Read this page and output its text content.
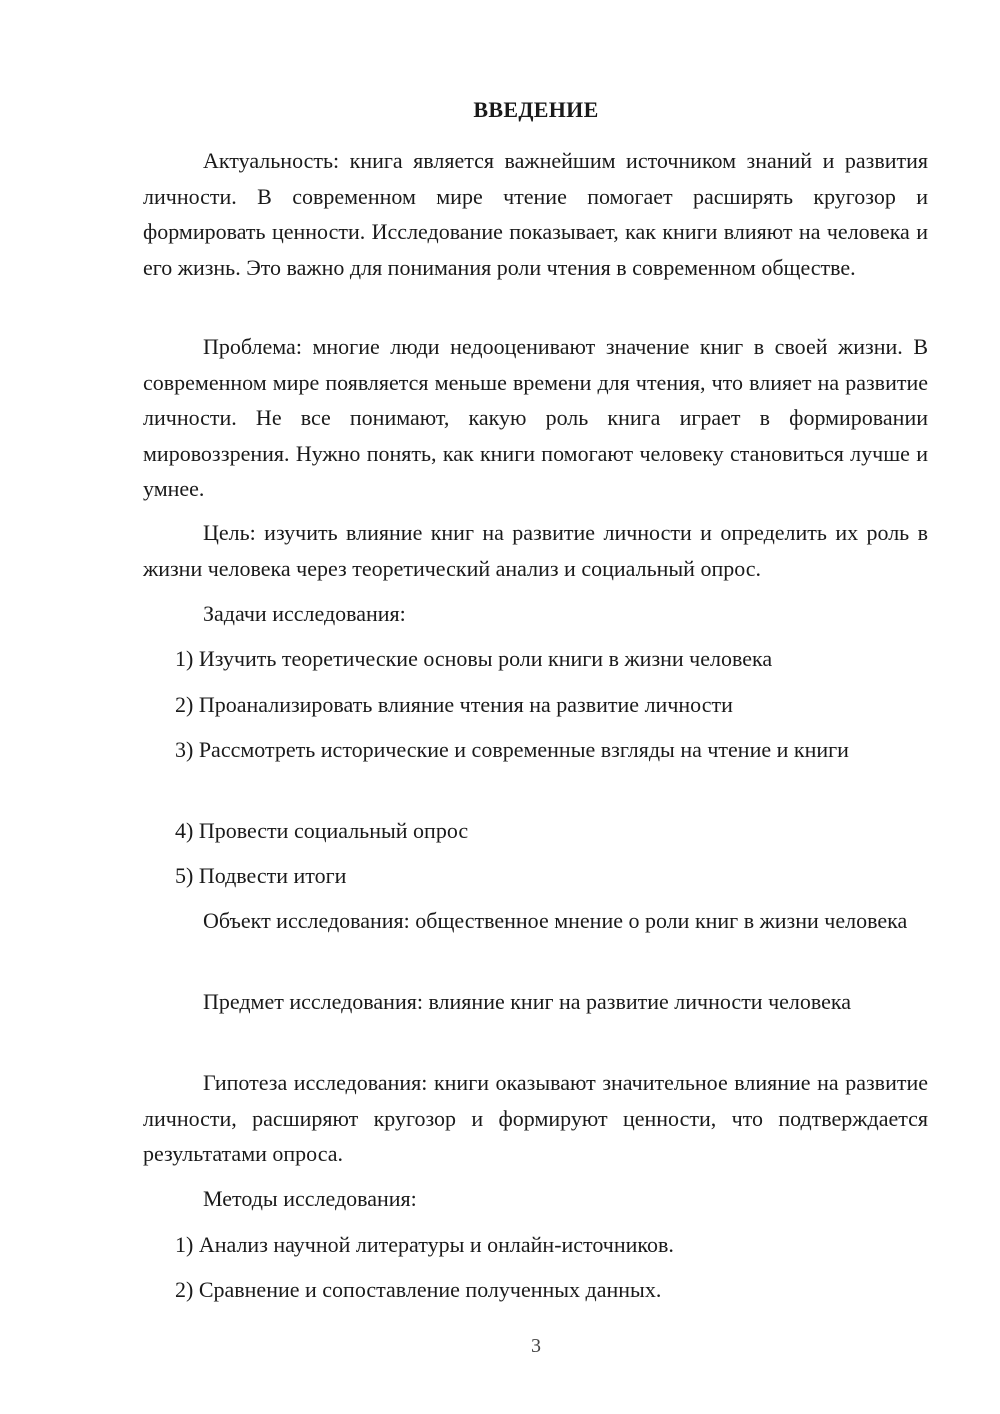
ВВЕДЕНИЕ

Актуальность: книга является важнейшим источником знаний и развития личности. В современном мире чтение помогает расширять кругозор и формировать ценности. Исследование показывает, как книги влияют на человека и его жизнь. Это важно для понимания роли чтения в современном обществе.

Проблема: многие люди недооценивают значение книг в своей жизни. В современном мире появляется меньше времени для чтения, что влияет на развитие личности. Не все понимают, какую роль книга играет в формировании мировоззрения. Нужно понять, как книги помогают человеку становиться лучше и умнее.

Цель: изучить влияние книг на развитие личности и определить их роль в жизни человека через теоретический анализ и социальный опрос.

Задачи исследования:

1) Изучить теоретические основы роли книги в жизни человека

2) Проанализировать влияние чтения на развитие личности

3) Рассмотреть исторические и современные взгляды на чтение и книги

4) Провести социальный опрос

5) Подвести итоги

Объект исследования: общественное мнение о роли книг в жизни человека

Предмет исследования: влияние книг на развитие личности человека

Гипотеза исследования: книги оказывают значительное влияние на развитие личности, расширяют кругозор и формируют ценности, что подтверждается результатами опроса.

Методы исследования:

1) Анализ научной литературы и онлайн-источников.

2) Сравнение и сопоставление полученных данных.

3
